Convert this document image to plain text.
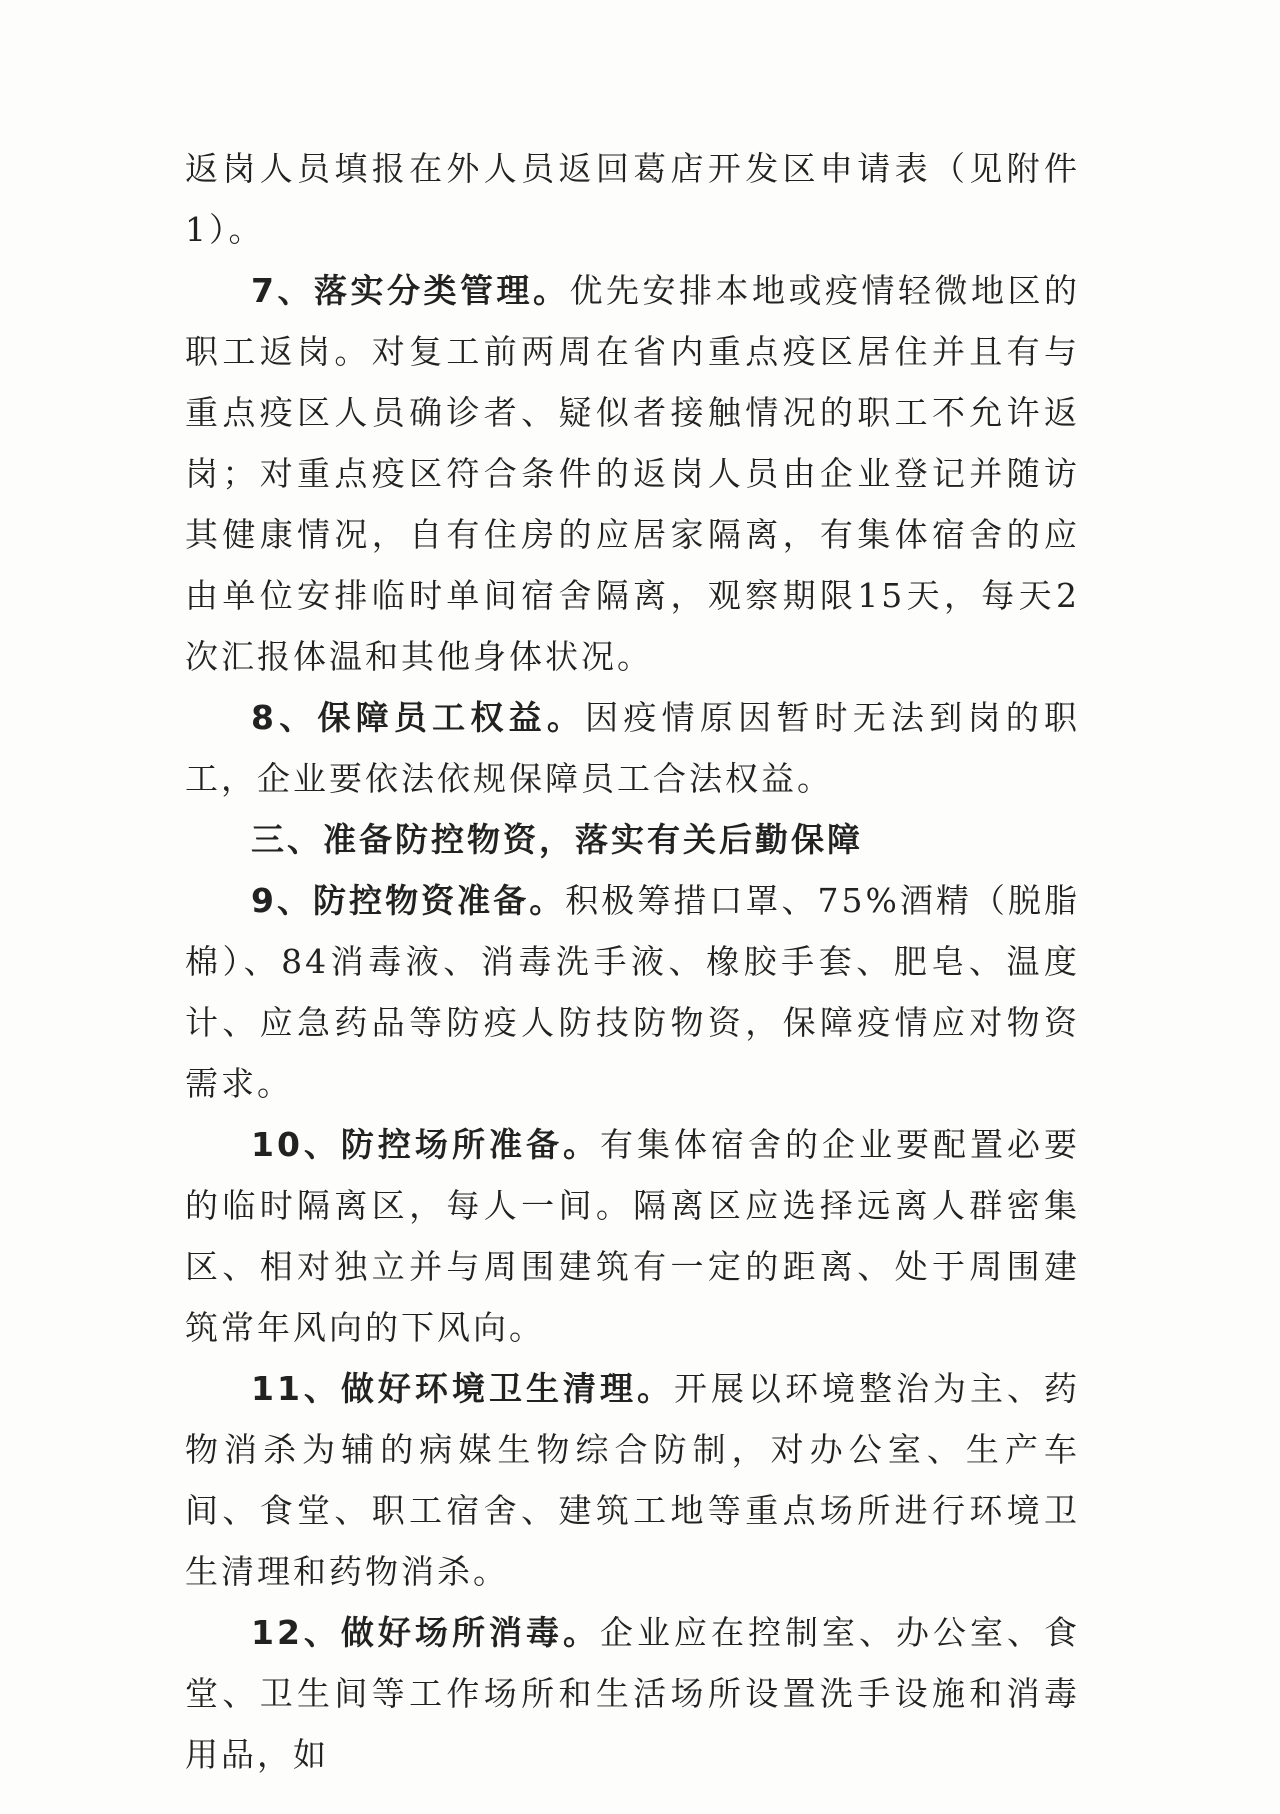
返岗人员填报在外人员返回葛店开发区申请表（见附件1）。

7、落实分类管理。优先安排本地或疫情轻微地区的职工返岗。对复工前两周在省内重点疫区居住并且有与重点疫区人员确诊者、疑似者接触情况的职工不允许返岗；对重点疫区符合条件的返岗人员由企业登记并随访其健康情况，自有住房的应居家隔离，有集体宿舍的应由单位安排临时单间宿舍隔离，观察期限15天，每天2次汇报体温和其他身体状况。

8、保障员工权益。因疫情原因暂时无法到岗的职工，企业要依法依规保障员工合法权益。

三、准备防控物资，落实有关后勤保障

9、防控物资准备。积极筹措口罩、75%酒精（脱脂棉）、84消毒液、消毒洗手液、橡胶手套、肥皂、温度计、应急药品等防疫人防技防物资，保障疫情应对物资需求。

10、防控场所准备。有集体宿舍的企业要配置必要的临时隔离区，每人一间。隔离区应选择远离人群密集区、相对独立并与周围建筑有一定的距离、处于周围建筑常年风向的下风向。

11、做好环境卫生清理。开展以环境整治为主、药物消杀为辅的病媒生物综合防制，对办公室、生产车间、食堂、职工宿舍、建筑工地等重点场所进行环境卫生清理和药物消杀。

12、做好场所消毒。企业应在控制室、办公室、食堂、卫生间等工作场所和生活场所设置洗手设施和消毒用品，如
